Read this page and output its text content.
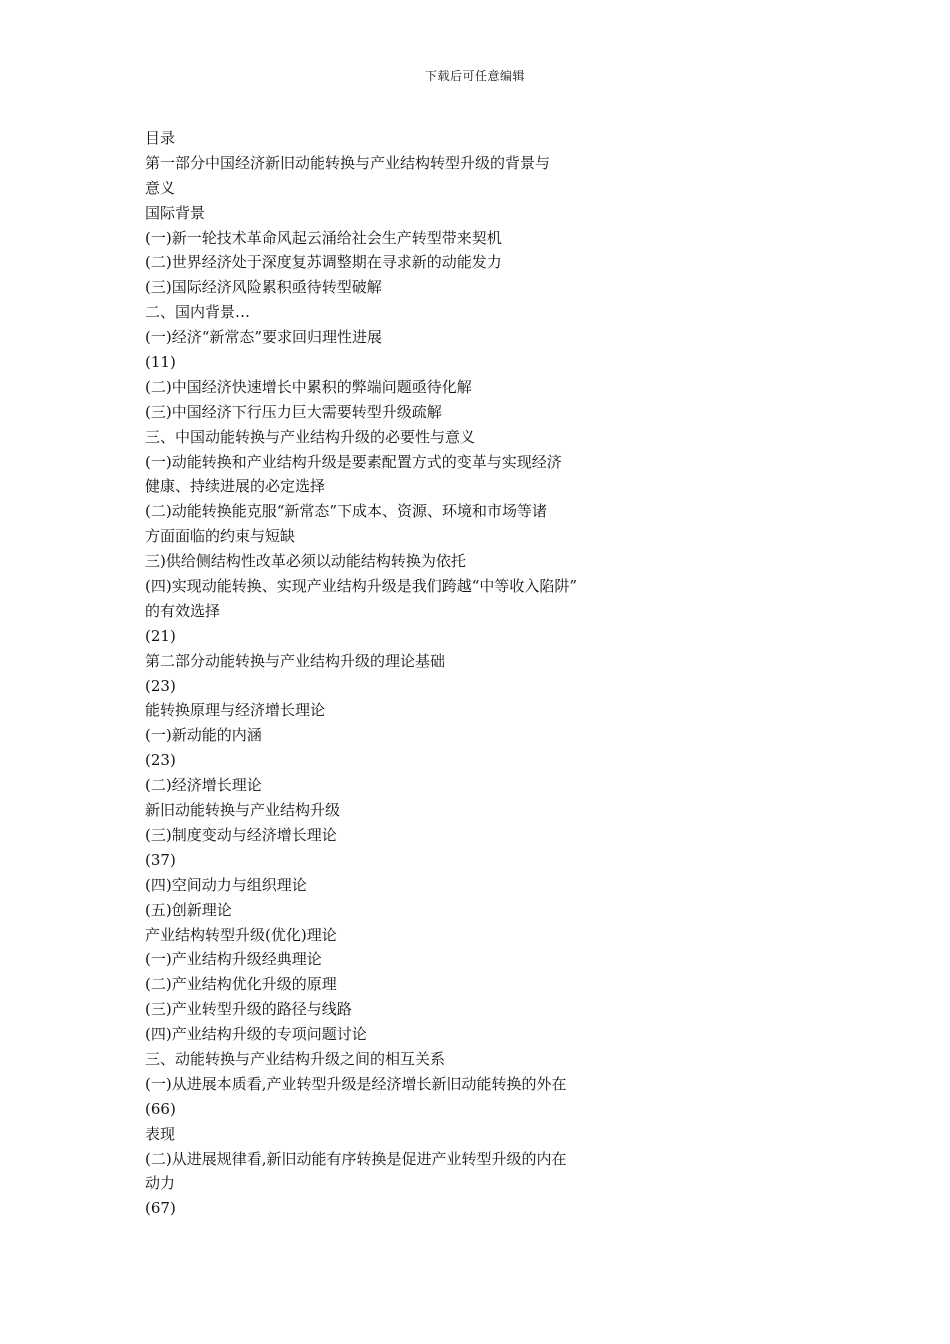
下载后可任意编辑
目录
第一部分中国经济新旧动能转换与产业结构转型升级的背景与
意义
国际背景
(一)新一轮技术革命风起云涌给社会生产转型带来契机
(二)世界经济处于深度复苏调整期在寻求新的动能发力
(三)国际经济风险累积亟待转型破解
二、国内背景…
(一)经济“新常态”要求回归理性进展
(11)
(二)中国经济快速增长中累积的弊端问题亟待化解
(三)中国经济下行压力巨大需要转型升级疏解
三、中国动能转换与产业结构升级的必要性与意义
(一)动能转换和产业结构升级是要素配置方式的变革与实现经济
健康、持续进展的必定选择
(二)动能转换能克服“新常态”下成本、资源、环境和市场等诸
方面面临的约束与短缺
三)供给侧结构性改革必须以动能结构转换为依托
(四)实现动能转换、实现产业结构升级是我们跨越“中等收入陷阱”
的有效选择
(21)
第二部分动能转换与产业结构升级的理论基础
(23)
能转换原理与经济增长理论
(一)新动能的内涵
(23)
(二)经济增长理论
新旧动能转换与产业结构升级
(三)制度变动与经济增长理论
(37)
(四)空间动力与组织理论
(五)创新理论
产业结构转型升级(优化)理论
(一)产业结构升级经典理论
(二)产业结构优化升级的原理
(三)产业转型升级的路径与线路
(四)产业结构升级的专项问题讨论
三、动能转换与产业结构升级之间的相互关系
(一)从进展本质看,产业转型升级是经济增长新旧动能转换的外在
(66)
表现
(二)从进展规律看,新旧动能有序转换是促进产业转型升级的内在
动力
(67)
